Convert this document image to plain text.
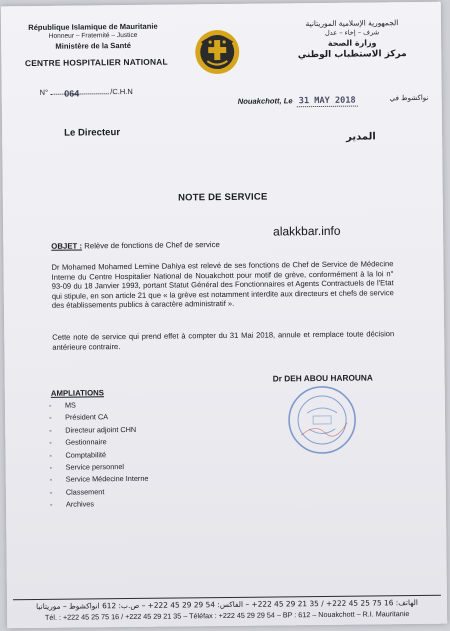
République Islamique de Mauritanie
Honneur – Fraternité – Justice
Ministère de la Santé
CENTRE HOSPITALIER NATIONAL
N° 064	/C.H.N
Le Directeur
الجمهورية الإسلامية الموريتانية
شرف – إخاء – عدل
وزارة الصحة
مركز الاستطباب الوطني
Nouakchott, Le 31 MAY 2018	نواكشوط في
المدير
NOTE DE SERVICE
alakkbar.info
OBJET : Relève de fonctions de Chef de service
Dr Mohamed Mohamed Lemine Dahiya est relevé de ses fonctions de Chef de Service de Médecine Interne du Centre Hospitalier National de Nouakchott pour motif de grève, conformément à la loi n° 93-09 du 18 Janvier 1993, portant Statut Général des Fonctionnaires et Agents Contractuels de l'Etat qui stipule, en son article 21 que « la grève est notamment interdite aux directeurs et chefs de service des établissements publics à caractère administratif ».
Cette note de service qui prend effet à compter du 31 Mai 2018, annule et remplace toute décision antérieure contraire.
Dr DEH ABOU HAROUNA
AMPLIATIONS
- MS
- Président CA
- Directeur adjoint CHN
- Gestionnaire
- Comptabilité
- Service personnel
- Service Médecine Interne
- Classement
- Archives
الهاتف: 16 75 25 45 222+ / 35 21 29 45 222+ – الفاكس: 54 29 29 45 222+ – ص.ب: 612 انواكشوط – موريتانيا
Tél. : +222 45 25 75 16 / +222 45 29 21 35 – Téléfax : +222 45 29 29 54 – BP : 612 – Nouakchott – R.I. Mauritanie
